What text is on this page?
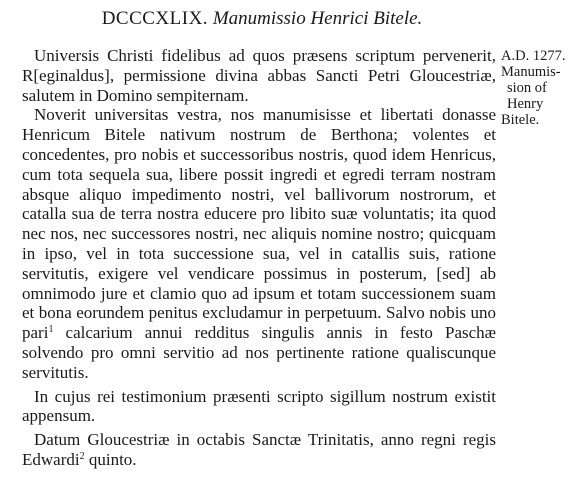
DCCCXLIX. Manumissio Henrici Bitele.
A.D. 1277.
Manumis-
sion of
Henry
Bitele.

Universis Christi fidelibus ad quos præsens scriptum pervenerit, R[eginaldus], permissione divina abbas Sancti Petri Gloucestriæ, salutem in Domino sempiternam.

Noverit universitas vestra, nos manumisisse et libertati donasse Henricum Bitele nativum nostrum de Berthona; volentes et concedentes, pro nobis et successoribus nostris, quod idem Henricus, cum tota sequela sua, libere possit ingredi et egredi terram nostram absque aliquo impedimento nostri, vel ballivorum nostrorum, et catalla sua de terra nostra educere pro libito suæ voluntatis; ita quod nec nos, nec successores nostri, nec aliquis nomine nostro; quicquam in ipso, vel in tota successione sua, vel in catallis suis, ratione servitutis, exigere vel vendicare possimus in posterum, [sed] ab omnimodo jure et clamio quo ad ipsum et totam successionem suam et bona eorundem penitus excludamur in perpetuum. Salvo nobis uno pari$^1$ calcarium annui redditus singulis annis in festo Paschæ solvendo pro omni servitio ad nos pertinente ratione qualiscunque servitutis.

In cujus rei testimonium præsenti scripto sigillum nostrum existit appensum.

Datum Gloucestriæ in octabis Sanctæ Trinitatis, anno regni regis Edwardi$^2$ quinto.
